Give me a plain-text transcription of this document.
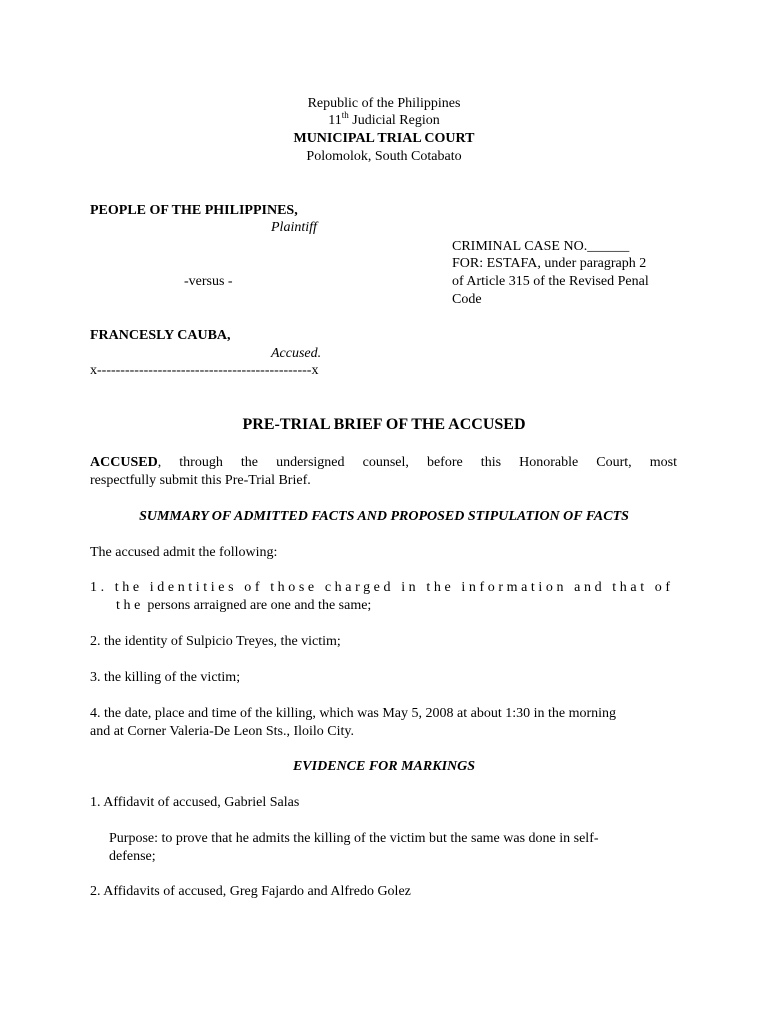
Republic of the Philippines
11th Judicial Region
MUNICIPAL TRIAL COURT
Polomolok, South Cotabato
PEOPLE OF THE PHILIPPINES,
Plaintiff
CRIMINAL CASE NO.______
FOR: ESTAFA, under paragraph 2
of Article 315 of the Revised Penal
Code
-versus -
FRANCESLY CAUBA,
Accused.
x----------------------------------------------x
PRE-TRIAL BRIEF OF THE ACCUSED
ACCUSED, through the undersigned counsel, before this Honorable Court, most
respectfully submit this Pre-Trial Brief.
SUMMARY OF ADMITTED FACTS AND PROPOSED STIPULATION OF FACTS
The accused admit the following:
1. the identities of those charged in the information and that of
the persons arraigned are one and the same;
2. the identity of Sulpicio Treyes, the victim;
3. the killing of the victim;
4. the date, place and time of the killing, which was May 5, 2008 at about 1:30 in the morning
and at Corner Valeria-De Leon Sts., Iloilo City.
EVIDENCE FOR MARKINGS
1. Affidavit of accused, Gabriel Salas
Purpose: to prove that he admits the killing of the victim but the same was done in self-
defense;
2. Affidavits of accused, Greg Fajardo and Alfredo Golez
